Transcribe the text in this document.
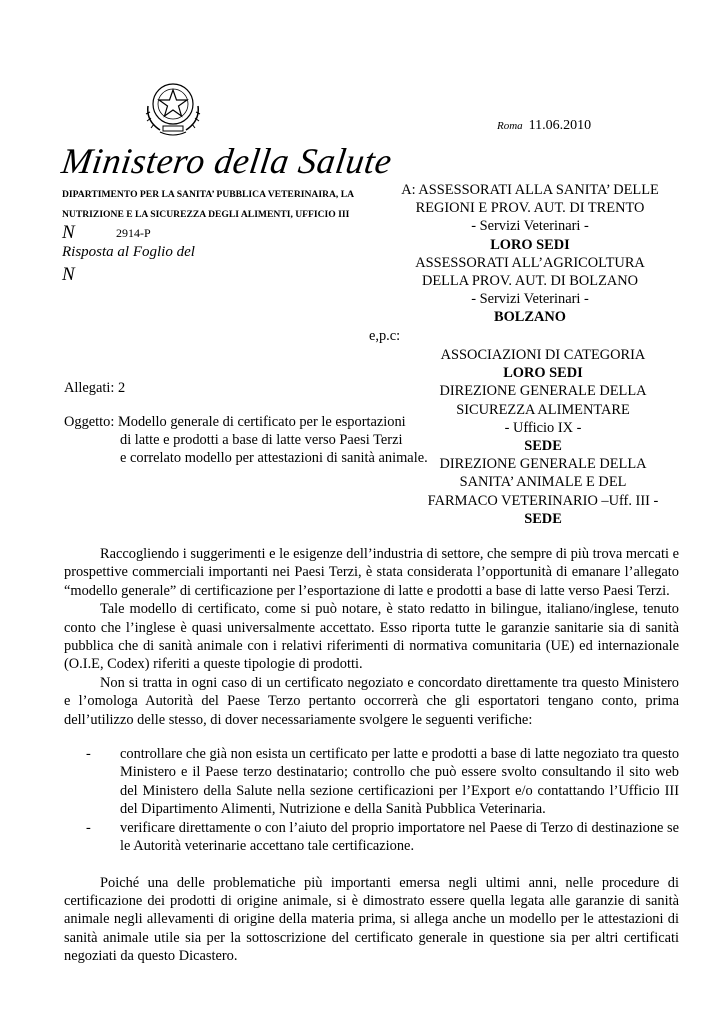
Ministero della Salute
DIPARTIMENTO PER LA SANITA’ PUBBLICA VETERINAIRA, LA
NUTRIZIONE E LA SICUREZZA DEGLI ALIMENTI, UFFICIO III
N	2914-P
Risposta al Foglio del
N
Roma 11.06.2010
A: ASSESSORATI ALLA SANITA’ DELLE
REGIONI E PROV. AUT. DI TRENTO
- Servizi Veterinari -
LORO SEDI
ASSESSORATI ALL’AGRICOLTURA
DELLA PROV. AUT. DI BOLZANO
- Servizi Veterinari -
BOLZANO
e,p.c:
ASSOCIAZIONI DI CATEGORIA
LORO SEDI
DIREZIONE GENERALE DELLA
SICUREZZA ALIMENTARE
- Ufficio IX -
SEDE
DIREZIONE GENERALE DELLA
SANITA’ ANIMALE E DEL
FARMACO VETERINARIO –Uff. III -
SEDE
Allegati: 2
Oggetto: Modello generale di certificato per le esportazioni
di latte e prodotti a base di latte verso Paesi Terzi
e correlato modello per attestazioni di sanità animale.

Raccogliendo i suggerimenti e le esigenze dell’industria di settore, che sempre di più trova mercati e prospettive commerciali importanti nei Paesi Terzi, è stata considerata l’opportunità di emanare l’allegato “modello generale” di certificazione per l’esportazione di latte e prodotti a base di latte verso Paesi Terzi.

Tale modello di certificato, come si può notare, è stato redatto in bilingue, italiano/inglese, tenuto conto che l’inglese è quasi universalmente accettato. Esso riporta tutte le garanzie sanitarie sia di sanità pubblica che di sanità animale con i relativi riferimenti di normativa comunitaria (UE) ed internazionale (O.I.E, Codex) riferiti a queste tipologie di prodotti.

Non si tratta in ogni caso di un certificato negoziato e concordato direttamente tra questo Ministero e l’omologa Autorità del Paese Terzo pertanto occorrerà che gli esportatori tengano conto, prima dell’utilizzo delle stesso, di dover necessariamente svolgere le seguenti verifiche:

- controllare che già non esista un certificato per latte e prodotti a base di latte negoziato tra questo Ministero e il Paese terzo destinatario; controllo che può essere svolto consultando il sito web del Ministero della Salute nella sezione certificazioni per l’Export e/o contattando l’Ufficio III del Dipartimento Alimenti, Nutrizione e della Sanità Pubblica Veterinaria.
- verificare direttamente o con l’aiuto del proprio importatore nel Paese di Terzo di destinazione se le Autorità veterinarie accettano tale certificazione.

Poiché una delle problematiche più importanti emersa negli ultimi anni, nelle procedure di certificazione dei prodotti di origine animale, si è dimostrato essere quella legata alle garanzie di sanità animale negli allevamenti di origine della materia prima, si allega anche un modello per le attestazioni di sanità animale utile sia per la sottoscrizione del certificato generale in questione sia per altri certificati negoziati da questo Dicastero.
